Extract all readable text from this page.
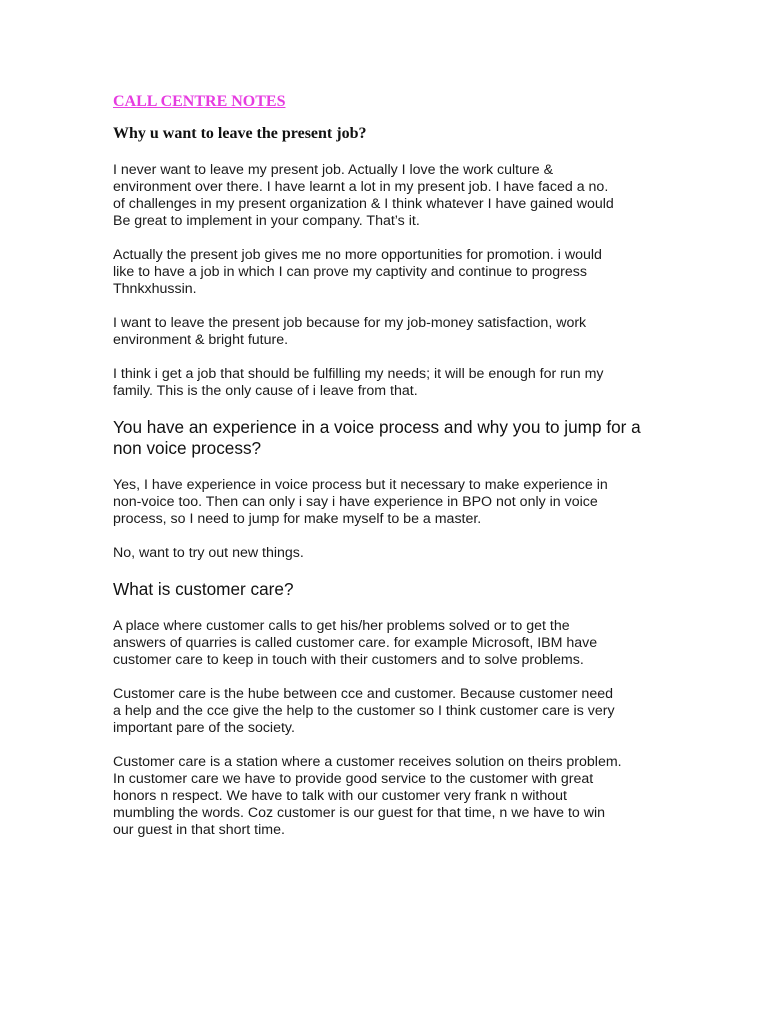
CALL CENTRE NOTES
Why u want to leave the present job?
I never want to leave my present job. Actually I love the work culture &
environment over there. I have learnt a lot in my present job. I have faced a no.
of challenges in my present organization & I think whatever I have gained would
Be great to implement in your company. That’s it.
Actually the present job gives me no more opportunities for promotion. i would
like to have a job in which I can prove my captivity and continue to progress
Thnkxhussin.
I want to leave the present job because for my job-money satisfaction, work
environment & bright future.
I think i get a job that should be fulfilling my needs; it will be enough for run my
family. This is the only cause of i leave from that.
You have an experience in a voice process and why you to jump for a
non voice process?
Yes, I have experience in voice process but it necessary to make experience in
non-voice too. Then can only i say i have experience in BPO not only in voice
process, so I need to jump for make myself to be a master.
No, want to try out new things.
What is customer care?
A place where customer calls to get his/her problems solved or to get the
answers of quarries is called customer care. for example Microsoft, IBM have
customer care to keep in touch with their customers and to solve problems.
Customer care is the hube between cce and customer. Because customer need
a help and the cce give the help to the customer so I think customer care is very
important pare of the society.
Customer care is a station where a customer receives solution on theirs problem.
In customer care we have to provide good service to the customer with great
honors n respect. We have to talk with our customer very frank n without
mumbling the words. Coz customer is our guest for that time, n we have to win
our guest in that short time.
